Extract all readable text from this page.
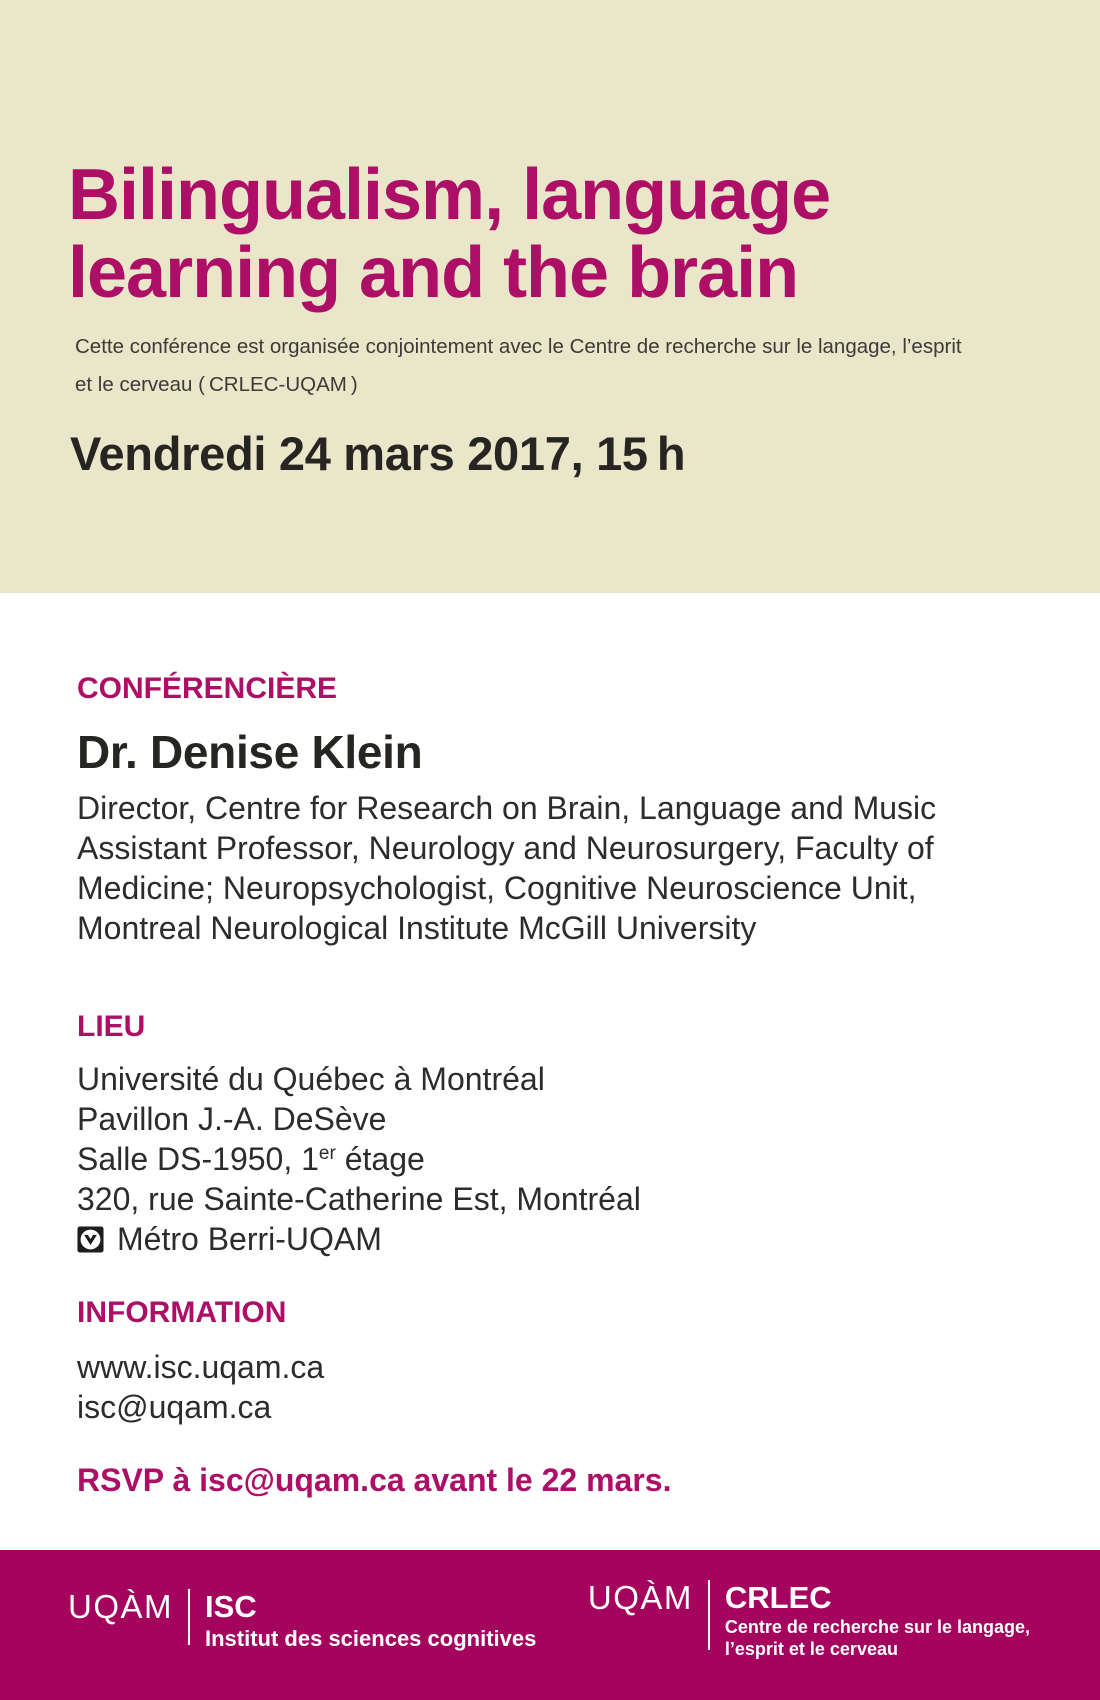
Bilingualism, language
learning and the brain

Cette conférence est organisée conjointement avec le Centre de recherche sur le langage, l’esprit
et le cerveau ( CRLEC-UQAM )

Vendredi 24 mars 2017, 15 h
CONFÉRENCIÈRE
Dr. Denise Klein
Director, Centre for Research on Brain, Language and Music
Assistant Professor, Neurology and Neurosurgery, Faculty of
Medicine; Neuropsychologist, Cognitive Neuroscience Unit,
Montreal Neurological Institute McGill University
LIEU
Université du Québec à Montréal
Pavillon J.-A. DeSève
Salle DS-1950, 1er étage
320, rue Sainte-Catherine Est, Montréal
Métro Berri-UQAM
INFORMATION
www.isc.uqam.ca
isc@uqam.ca
RSVP à isc@uqam.ca avant le 22 mars.
UQÀM ISC
Institut des sciences cognitives
UQÀM CRLEC
Centre de recherche sur le langage,
l’esprit et le cerveau
